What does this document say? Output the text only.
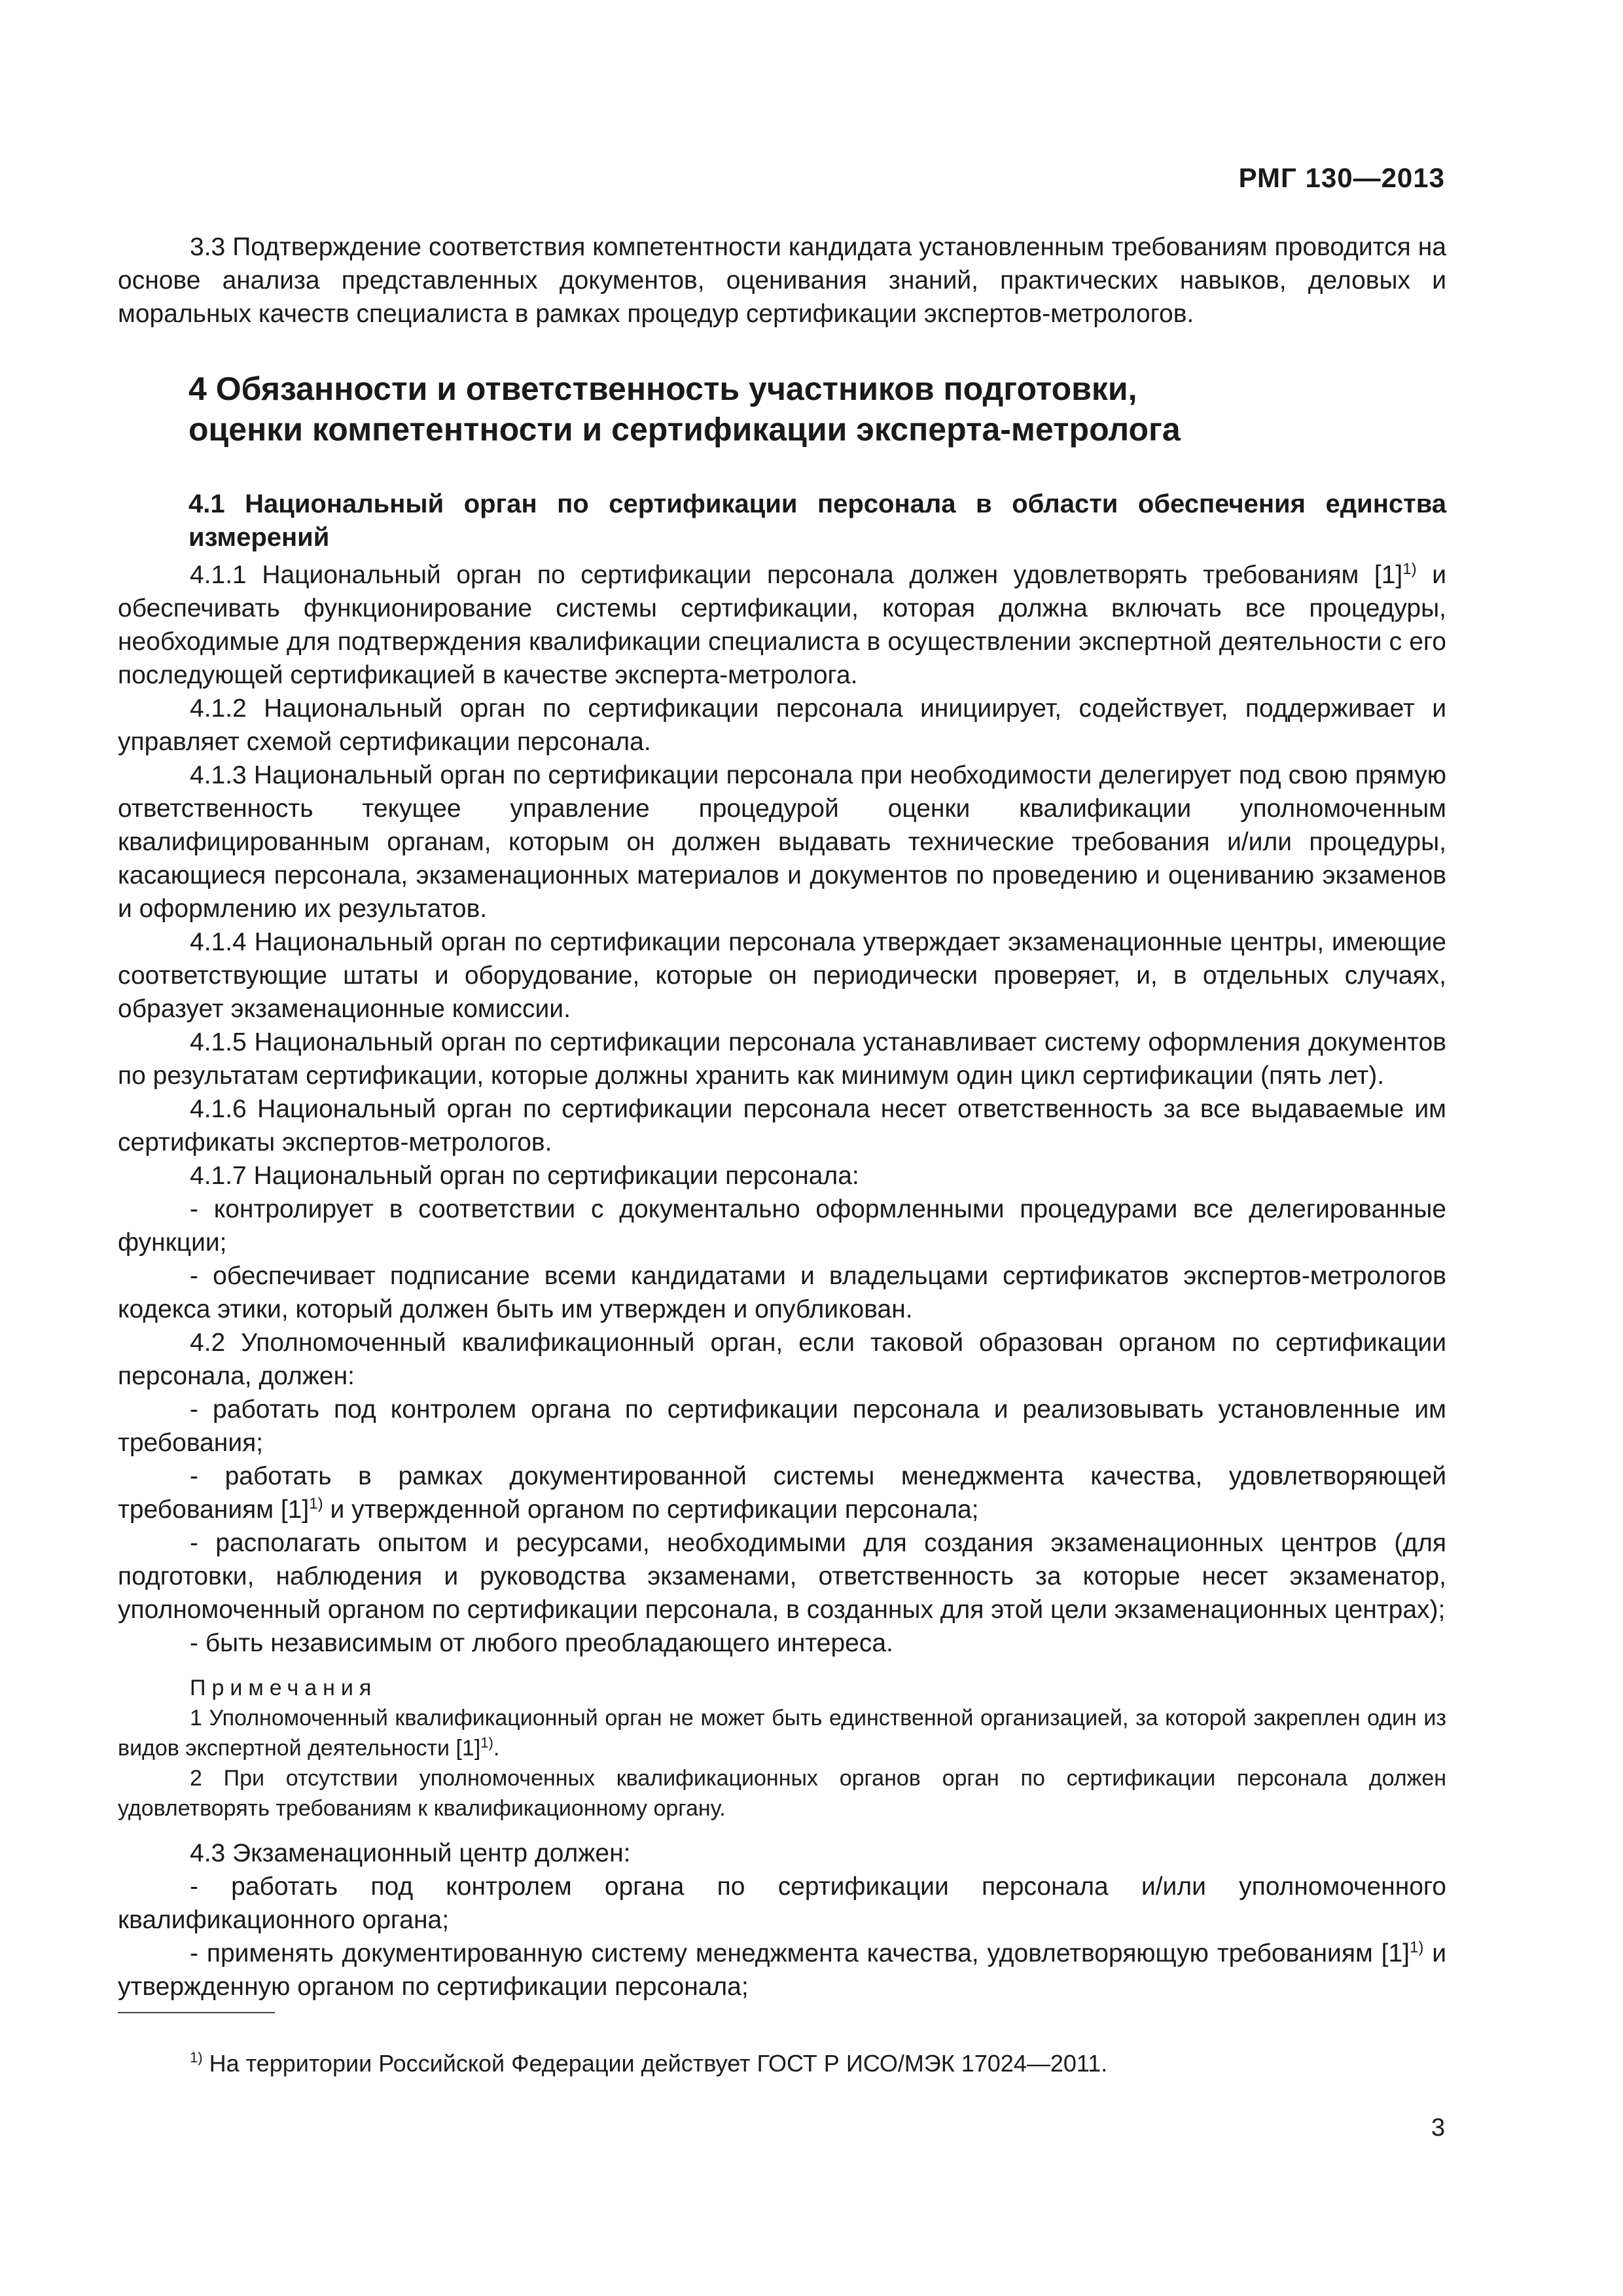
РМГ 130—2013

3.3 Подтверждение соответствия компетентности кандидата установленным требованиям проводится на основе анализа представленных документов, оценивания знаний, практических навыков, деловых и моральных качеств специалиста в рамках процедур сертификации экспертов-метрологов.

4 Обязанности и ответственность участников подготовки,
оценки компетентности и сертификации эксперта-метролога
4.1 Национальный орган по сертификации персонала в области обеспечения единства измерений

4.1.1 Национальный орган по сертификации персонала должен удовлетворять требованиям $[1]^{1)}$ и обеспечивать функционирование системы сертификации, которая должна включать все процедуры, необходимые для подтверждения квалификации специалиста в осуществлении экспертной деятельности с его последующей сертификацией в качестве эксперта-метролога.

4.1.2 Национальный орган по сертификации персонала инициирует, содействует, поддерживает и управляет схемой сертификации персонала.

4.1.3 Национальный орган по сертификации персонала при необходимости делегирует под свою прямую ответственность текущее управление процедурой оценки квалификации уполномоченным квалифицированным органам, которым он должен выдавать технические требования и/или процедуры, касающиеся персонала, экзаменационных материалов и документов по проведению и оцениванию экзаменов и оформлению их результатов.

4.1.4 Национальный орган по сертификации персонала утверждает экзаменационные центры, имеющие соответствующие штаты и оборудование, которые он периодически проверяет, и, в отдельных случаях, образует экзаменационные комиссии.

4.1.5 Национальный орган по сертификации персонала устанавливает систему оформления документов по результатам сертификации, которые должны хранить как минимум один цикл сертификации (пять лет).

4.1.6 Национальный орган по сертификации персонала несет ответственность за все выдаваемые им сертификаты экспертов-метрологов.

4.1.7 Национальный орган по сертификации персонала:

- контролирует в соответствии с документально оформленными процедурами все делегированные функции;

- обеспечивает подписание всеми кандидатами и владельцами сертификатов экспертов-метрологов кодекса этики, который должен быть им утвержден и опубликован.

4.2 Уполномоченный квалификационный орган, если таковой образован органом по сертификации персонала, должен:

- работать под контролем органа по сертификации персонала и реализовывать установленные им требования;

- работать в рамках документированной системы менеджмента качества, удовлетворяющей требованиям $[1]^{1)}$ и утвержденной органом по сертификации персонала;

- располагать опытом и ресурсами, необходимыми для создания экзаменационных центров (для подготовки, наблюдения и руководства экзаменами, ответственность за которые несет экзаменатор, уполномоченный органом по сертификации персонала, в созданных для этой цели экзаменационных центрах);

- быть независимым от любого преобладающего интереса.

Примечания

1 Уполномоченный квалификационный орган не может быть единственной организацией, за которой закреплен один из видов экспертной деятельности $[1]^{1)}$.

2 При отсутствии уполномоченных квалификационных органов орган по сертификации персонала должен удовлетворять требованиям к квалификационному органу.

4.3 Экзаменационный центр должен:

- работать под контролем органа по сертификации персонала и/или уполномоченного квалификационного органа;

- применять документированную систему менеджмента качества, удовлетворяющую требованиям $[1]^{1)}$ и утвержденную органом по сертификации персонала;

$^{1)}$ На территории Российской Федерации действует ГОСТ Р ИСО/МЭК 17024—2011.
3
